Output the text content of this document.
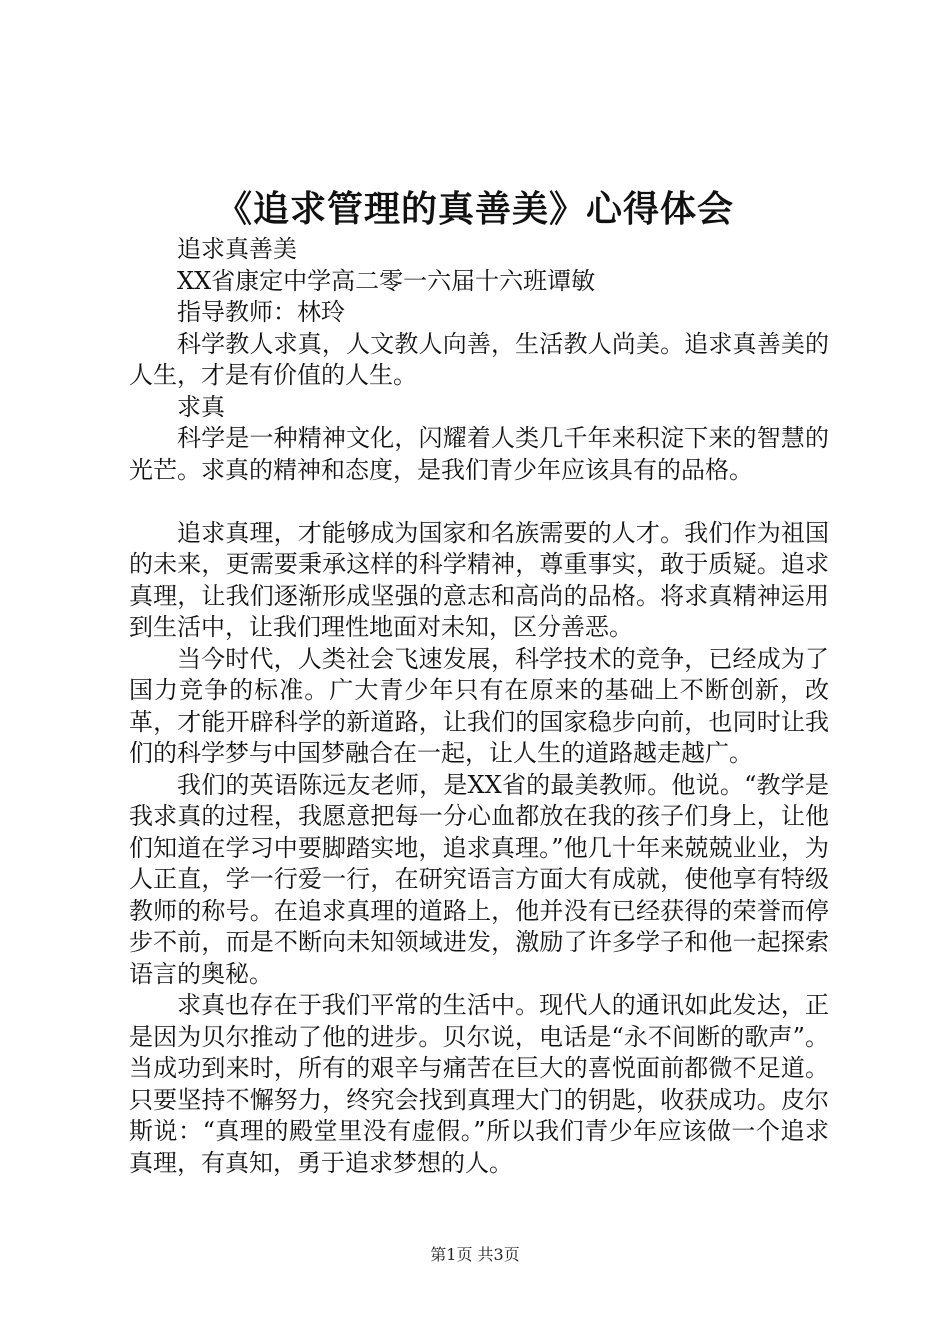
《追求管理的真善美》心得体会

追求真善美

XX省康定中学高二零一六届十六班谭敏

指导教师：林玲

科学教人求真，人文教人向善，生活教人尚美。追求真善美的人生，才是有价值的人生。

求真

科学是一种精神文化，闪耀着人类几千年来积淀下来的智慧的光芒。求真的精神和态度，是我们青少年应该具有的品格。

追求真理，才能够成为国家和名族需要的人才。我们作为祖国的未来，更需要秉承这样的科学精神，尊重事实，敢于质疑。追求真理，让我们逐渐形成坚强的意志和高尚的品格。将求真精神运用到生活中，让我们理性地面对未知，区分善恶。

当今时代，人类社会飞速发展，科学技术的竞争，已经成为了国力竞争的标准。广大青少年只有在原来的基础上不断创新，改革，才能开辟科学的新道路，让我们的国家稳步向前，也同时让我们的科学梦与中国梦融合在一起，让人生的道路越走越广。

我们的英语陈远友老师，是XX省的最美教师。他说。“教学是我求真的过程，我愿意把每一分心血都放在我的孩子们身上，让他们知道在学习中要脚踏实地，追求真理。”他几十年来兢兢业业，为人正直，学一行爱一行，在研究语言方面大有成就，使他享有特级教师的称号。在追求真理的道路上，他并没有已经获得的荣誉而停步不前，而是不断向未知领域进发，激励了许多学子和他一起探索语言的奥秘。

求真也存在于我们平常的生活中。现代人的通讯如此发达，正是因为贝尔推动了他的进步。贝尔说，电话是“永不间断的歌声”。当成功到来时，所有的艰辛与痛苦在巨大的喜悦面前都微不足道。只要坚持不懈努力，终究会找到真理大门的钥匙，收获成功。皮尔斯说：“真理的殿堂里没有虚假。”所以我们青少年应该做一个追求真理，有真知，勇于追求梦想的人。

第1页 共3页
